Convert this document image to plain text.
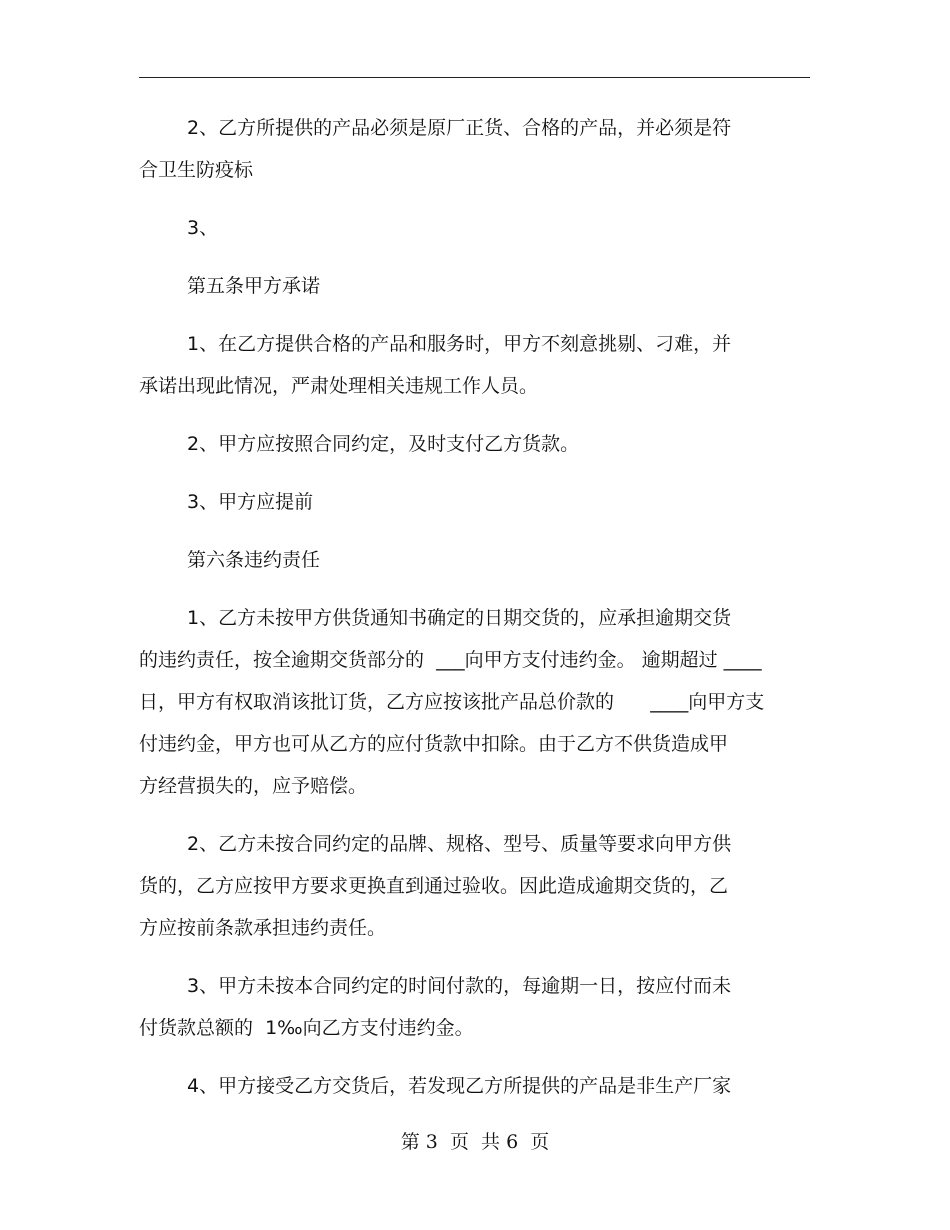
2、乙方所提供的产品必须是原厂正货、合格的产品，并必须是符
合卫生防疫标
3、
第五条甲方承诺
1、在乙方提供合格的产品和服务时，甲方不刻意挑剔、刁难，并
承诺出现此情况，严肃处理相关违规工作人员。
2、甲方应按照合同约定，及时支付乙方货款。
3、甲方应提前
第六条违约责任
1、乙方未按甲方供货通知书确定的日期交货的，应承担逾期交货
的违约责任，按全逾期交货部分的  ___向甲方支付违约金。 逾期超过 ____
日，甲方有权取消该批订货，乙方应按该批产品总价款的      ____向甲方支
付违约金，甲方也可从乙方的应付货款中扣除。由于乙方不供货造成甲
方经营损失的，应予赔偿。
2、乙方未按合同约定的品牌、规格、型号、质量等要求向甲方供
货的，乙方应按甲方要求更换直到通过验收。因此造成逾期交货的，乙
方应按前条款承担违约责任。
3、甲方未按本合同约定的时间付款的，每逾期一日，按应付而未
付货款总额的  1‰向乙方支付违约金。
4、甲方接受乙方交货后，若发现乙方所提供的产品是非生产厂家
第 3  页  共 6  页
